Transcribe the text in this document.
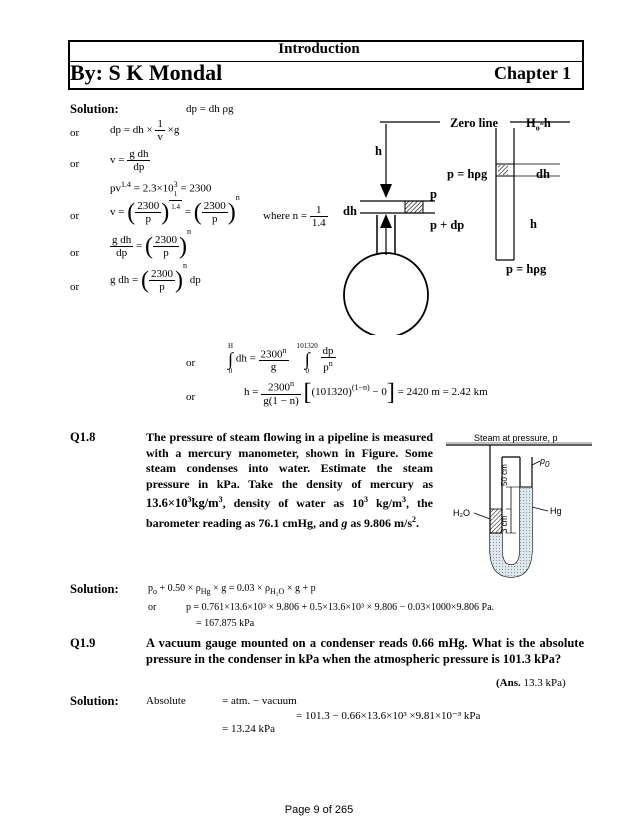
Introduction
By: S K Mondal	Chapter 1
Solution:	dp = dh ρg
or	dp = dh × $\frac{1}{v} \times g$
or	$v = \frac{\text{g dh}}{dp}$
$pv^{1.4} = 2.3\times 10^3 = 2300$
or	v = ( $\frac{2300}{p}$ ) $^{\frac{1}{1.4}}$ = ( $\frac{2300}{p} )^n$
where $n = \frac{1}{1.4}$
or	$\frac{\text{g dh}}{dp}$ = ( $\frac{2300}{p} )^n$
or
g dh = ( $\frac{2300}{p} )^n$ dp
or
H
∫
0
dh = $\frac{2300^n}{g}$
101320
∫
0
	$\frac{dp}{p^n}$
or	$h = \frac{2300^n}{g(1 - n)} [(101320)^{(1-n)} - 0] = 2420$ m = 2.42 km
Zero line $H_o-h$
h
p = hρg	dh
p
dh
p + dp	h
p = hρg
Q1.8	The pressure of steam flowing in a pipeline is measured with a mercury manometer, shown in Figure. Some steam condenses into water. Estimate the steam pressure in kPa. Take the density of mercury as $13.6\times 10^3kg/m^3$, density of water as $10^3$ $kg/m^3$, the barometer reading as 76.1 cmHg, and g as 9.806 $m/s^2$.
Steam at pressure, p
$p_0$
50 cm
3 cm
H₂O	Hg
Solution:	$p_o + 0.50 \times \rho_{Hg} \times g = 0.03 \times \rho_{H_2O} \times g + p$
or	p = 0.761×13.6×10³ × 9.806 + 0.5×13.6×10³ × 9.806 − 0.03×1000×9.806 Pa.
= 167.875 kPa
Q1.9	A vacuum gauge mounted on a condenser reads 0.66 mHg. What is the absolute pressure in the condenser in kPa when the atmospheric pressure is 101.3 kPa?
(Ans. 13.3 kPa)
Solution: Absolute	= atm. − vacuum
= 101.3 − 0.66×13.6×10³ ×9.81×10⁻³ kPa
= 13.24 kPa
Page 9 of 265
